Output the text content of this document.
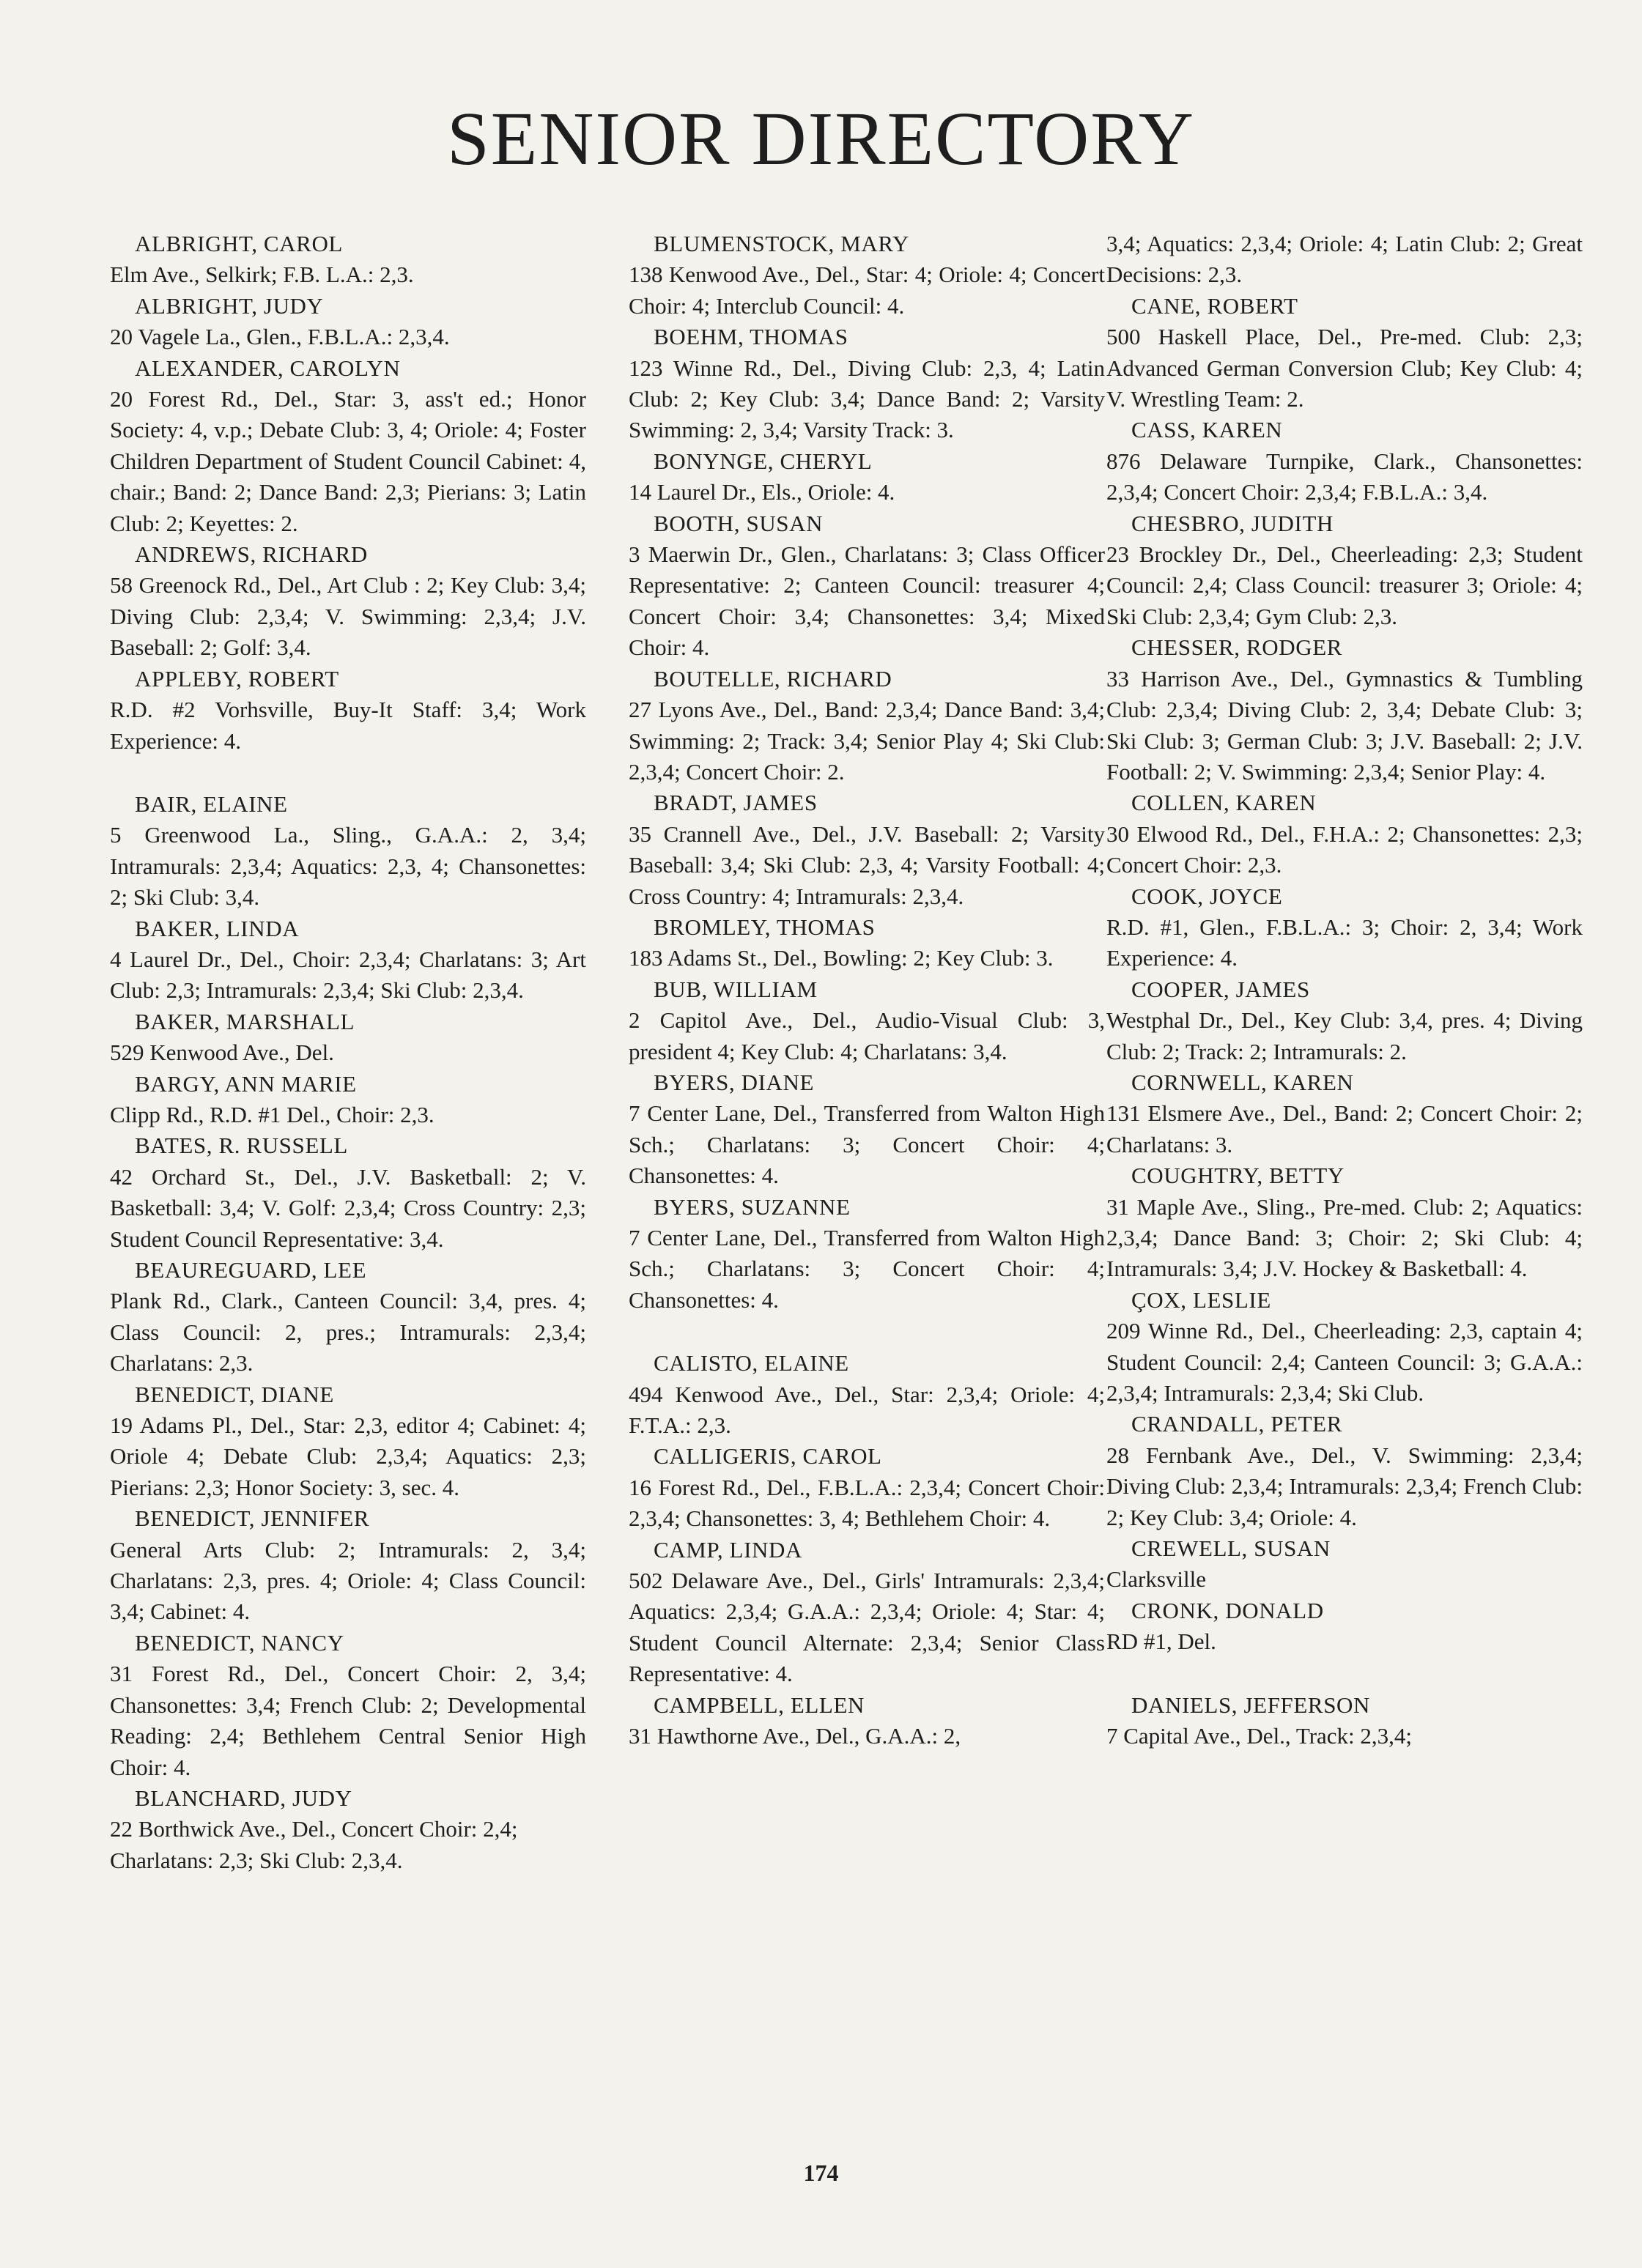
SENIOR DIRECTORY
ALBRIGHT, CAROL
Elm Ave., Selkirk; F.B. L.A.: 2,3.
ALBRIGHT, JUDY
20 Vagele La., Glen., F.B.L.A.: 2,3,4.
ALEXANDER, CAROLYN
20 Forest Rd., Del., Star: 3, ass't ed.; Honor Society: 4, v.p.; Debate Club: 3, 4; Oriole: 4; Foster Children Department of Student Council Cabinet: 4, chair.; Band: 2; Dance Band: 2,3; Pierians: 3; Latin Club: 2; Keyettes: 2.
ANDREWS, RICHARD
58 Greenock Rd., Del., Art Club : 2; Key Club: 3,4; Diving Club: 2,3,4; V. Swimming: 2,3,4; J.V. Baseball: 2; Golf: 3,4.
APPLEBY, ROBERT
R.D. #2 Vorhsville, Buy-It Staff: 3,4; Work Experience: 4.
BAIR, ELAINE
5 Greenwood La., Sling., G.A.A.: 2, 3,4; Intramurals: 2,3,4; Aquatics: 2,3, 4; Chansonettes: 2; Ski Club: 3,4.
BAKER, LINDA
4 Laurel Dr., Del., Choir: 2,3,4; Charlatans: 3; Art Club: 2,3; Intramurals: 2,3,4; Ski Club: 2,3,4.
BAKER, MARSHALL
529 Kenwood Ave., Del.
BARGY, ANN MARIE
Clipp Rd., R.D. #1 Del., Choir: 2,3.
BATES, R. RUSSELL
42 Orchard St., Del., J.V. Basketball: 2; V. Basketball: 3,4; V. Golf: 2,3,4; Cross Country: 2,3; Student Council Representative: 3,4.
BEAUREGUARD, LEE
Plank Rd., Clark., Canteen Council: 3,4, pres. 4; Class Council: 2, pres.; Intramurals: 2,3,4; Charlatans: 2,3.
BENEDICT, DIANE
19 Adams Pl., Del., Star: 2,3, editor 4; Cabinet: 4; Oriole 4; Debate Club: 2,3,4; Aquatics: 2,3; Pierians: 2,3; Honor Society: 3, sec. 4.
BENEDICT, JENNIFER
General Arts Club: 2; Intramurals: 2, 3,4; Charlatans: 2,3, pres. 4; Oriole: 4; Class Council: 3,4; Cabinet: 4.
BENEDICT, NANCY
31 Forest Rd., Del., Concert Choir: 2, 3,4; Chansonettes: 3,4; French Club: 2; Developmental Reading: 2,4; Bethlehem Central Senior High Choir: 4.
BLANCHARD, JUDY
22 Borthwick Ave., Del., Concert Choir: 2,4; Charlatans: 2,3; Ski Club: 2,3,4.
BLUMENSTOCK, MARY
138 Kenwood Ave., Del., Star: 4; Oriole: 4; Concert Choir: 4; Interclub Council: 4.
BOEHM, THOMAS
123 Winne Rd., Del., Diving Club: 2,3, 4; Latin Club: 2; Key Club: 3,4; Dance Band: 2; Varsity Swimming: 2, 3,4; Varsity Track: 3.
BONYNGE, CHERYL
14 Laurel Dr., Els., Oriole: 4.
BOOTH, SUSAN
3 Maerwin Dr., Glen., Charlatans: 3; Class Officer Representative: 2; Canteen Council: treasurer 4; Concert Choir: 3,4; Chansonettes: 3,4; Mixed Choir: 4.
BOUTELLE, RICHARD
27 Lyons Ave., Del., Band: 2,3,4; Dance Band: 3,4; Swimming: 2; Track: 3,4; Senior Play 4; Ski Club: 2,3,4; Concert Choir: 2.
BRADT, JAMES
35 Crannell Ave., Del., J.V. Baseball: 2; Varsity Baseball: 3,4; Ski Club: 2,3, 4; Varsity Football: 4; Cross Country: 4; Intramurals: 2,3,4.
BROMLEY, THOMAS
183 Adams St., Del., Bowling: 2; Key Club: 3.
BUB, WILLIAM
2 Capitol Ave., Del., Audio-Visual Club: 3, president 4; Key Club: 4; Charlatans: 3,4.
BYERS, DIANE
7 Center Lane, Del., Transferred from Walton High Sch.; Charlatans: 3; Concert Choir: 4; Chansonettes: 4.
BYERS, SUZANNE
7 Center Lane, Del., Transferred from Walton High Sch.; Charlatans: 3; Concert Choir: 4; Chansonettes: 4.
CALISTO, ELAINE
494 Kenwood Ave., Del., Star: 2,3,4; Oriole: 4; F.T.A.: 2,3.
CALLIGERIS, CAROL
16 Forest Rd., Del., F.B.L.A.: 2,3,4; Concert Choir: 2,3,4; Chansonettes: 3, 4; Bethlehem Choir: 4.
CAMP, LINDA
502 Delaware Ave., Del., Girls' Intramurals: 2,3,4; Aquatics: 2,3,4; G.A.A.: 2,3,4; Oriole: 4; Star: 4; Student Council Alternate: 2,3,4; Senior Class Representative: 4.
CAMPBELL, ELLEN
31 Hawthorne Ave., Del., G.A.A.: 2,
3,4; Aquatics: 2,3,4; Oriole: 4; Latin Club: 2; Great Decisions: 2,3.
CANE, ROBERT
500 Haskell Place, Del., Pre-med. Club: 2,3; Advanced German Conversion Club; Key Club: 4; V. Wrestling Team: 2.
CASS, KAREN
876 Delaware Turnpike, Clark., Chansonettes: 2,3,4; Concert Choir: 2,3,4; F.B.L.A.: 3,4.
CHESBRO, JUDITH
23 Brockley Dr., Del., Cheerleading: 2,3; Student Council: 2,4; Class Council: treasurer 3; Oriole: 4; Ski Club: 2,3,4; Gym Club: 2,3.
CHESSER, RODGER
33 Harrison Ave., Del., Gymnastics & Tumbling Club: 2,3,4; Diving Club: 2, 3,4; Debate Club: 3; Ski Club: 3; German Club: 3; J.V. Baseball: 2; J.V. Football: 2; V. Swimming: 2,3,4; Senior Play: 4.
COLLEN, KAREN
30 Elwood Rd., Del., F.H.A.: 2; Chansonettes: 2,3; Concert Choir: 2,3.
COOK, JOYCE
R.D. #1, Glen., F.B.L.A.: 3; Choir: 2, 3,4; Work Experience: 4.
COOPER, JAMES
Westphal Dr., Del., Key Club: 3,4, pres. 4; Diving Club: 2; Track: 2; Intramurals: 2.
CORNWELL, KAREN
131 Elsmere Ave., Del., Band: 2; Concert Choir: 2; Charlatans: 3.
COUGHTRY, BETTY
31 Maple Ave., Sling., Pre-med. Club: 2; Aquatics: 2,3,4; Dance Band: 3; Choir: 2; Ski Club: 4; Intramurals: 3,4; J.V. Hockey & Basketball: 4.
ÇOX, LESLIE
209 Winne Rd., Del., Cheerleading: 2,3, captain 4; Student Council: 2,4; Canteen Council: 3; G.A.A.: 2,3,4; Intramurals: 2,3,4; Ski Club.
CRANDALL, PETER
28 Fernbank Ave., Del., V. Swimming: 2,3,4; Diving Club: 2,3,4; Intramurals: 2,3,4; French Club: 2; Key Club: 3,4; Oriole: 4.
CREWELL, SUSAN
Clarksville
CRONK, DONALD
RD #1, Del.
DANIELS, JEFFERSON
7 Capital Ave., Del., Track: 2,3,4;
174
